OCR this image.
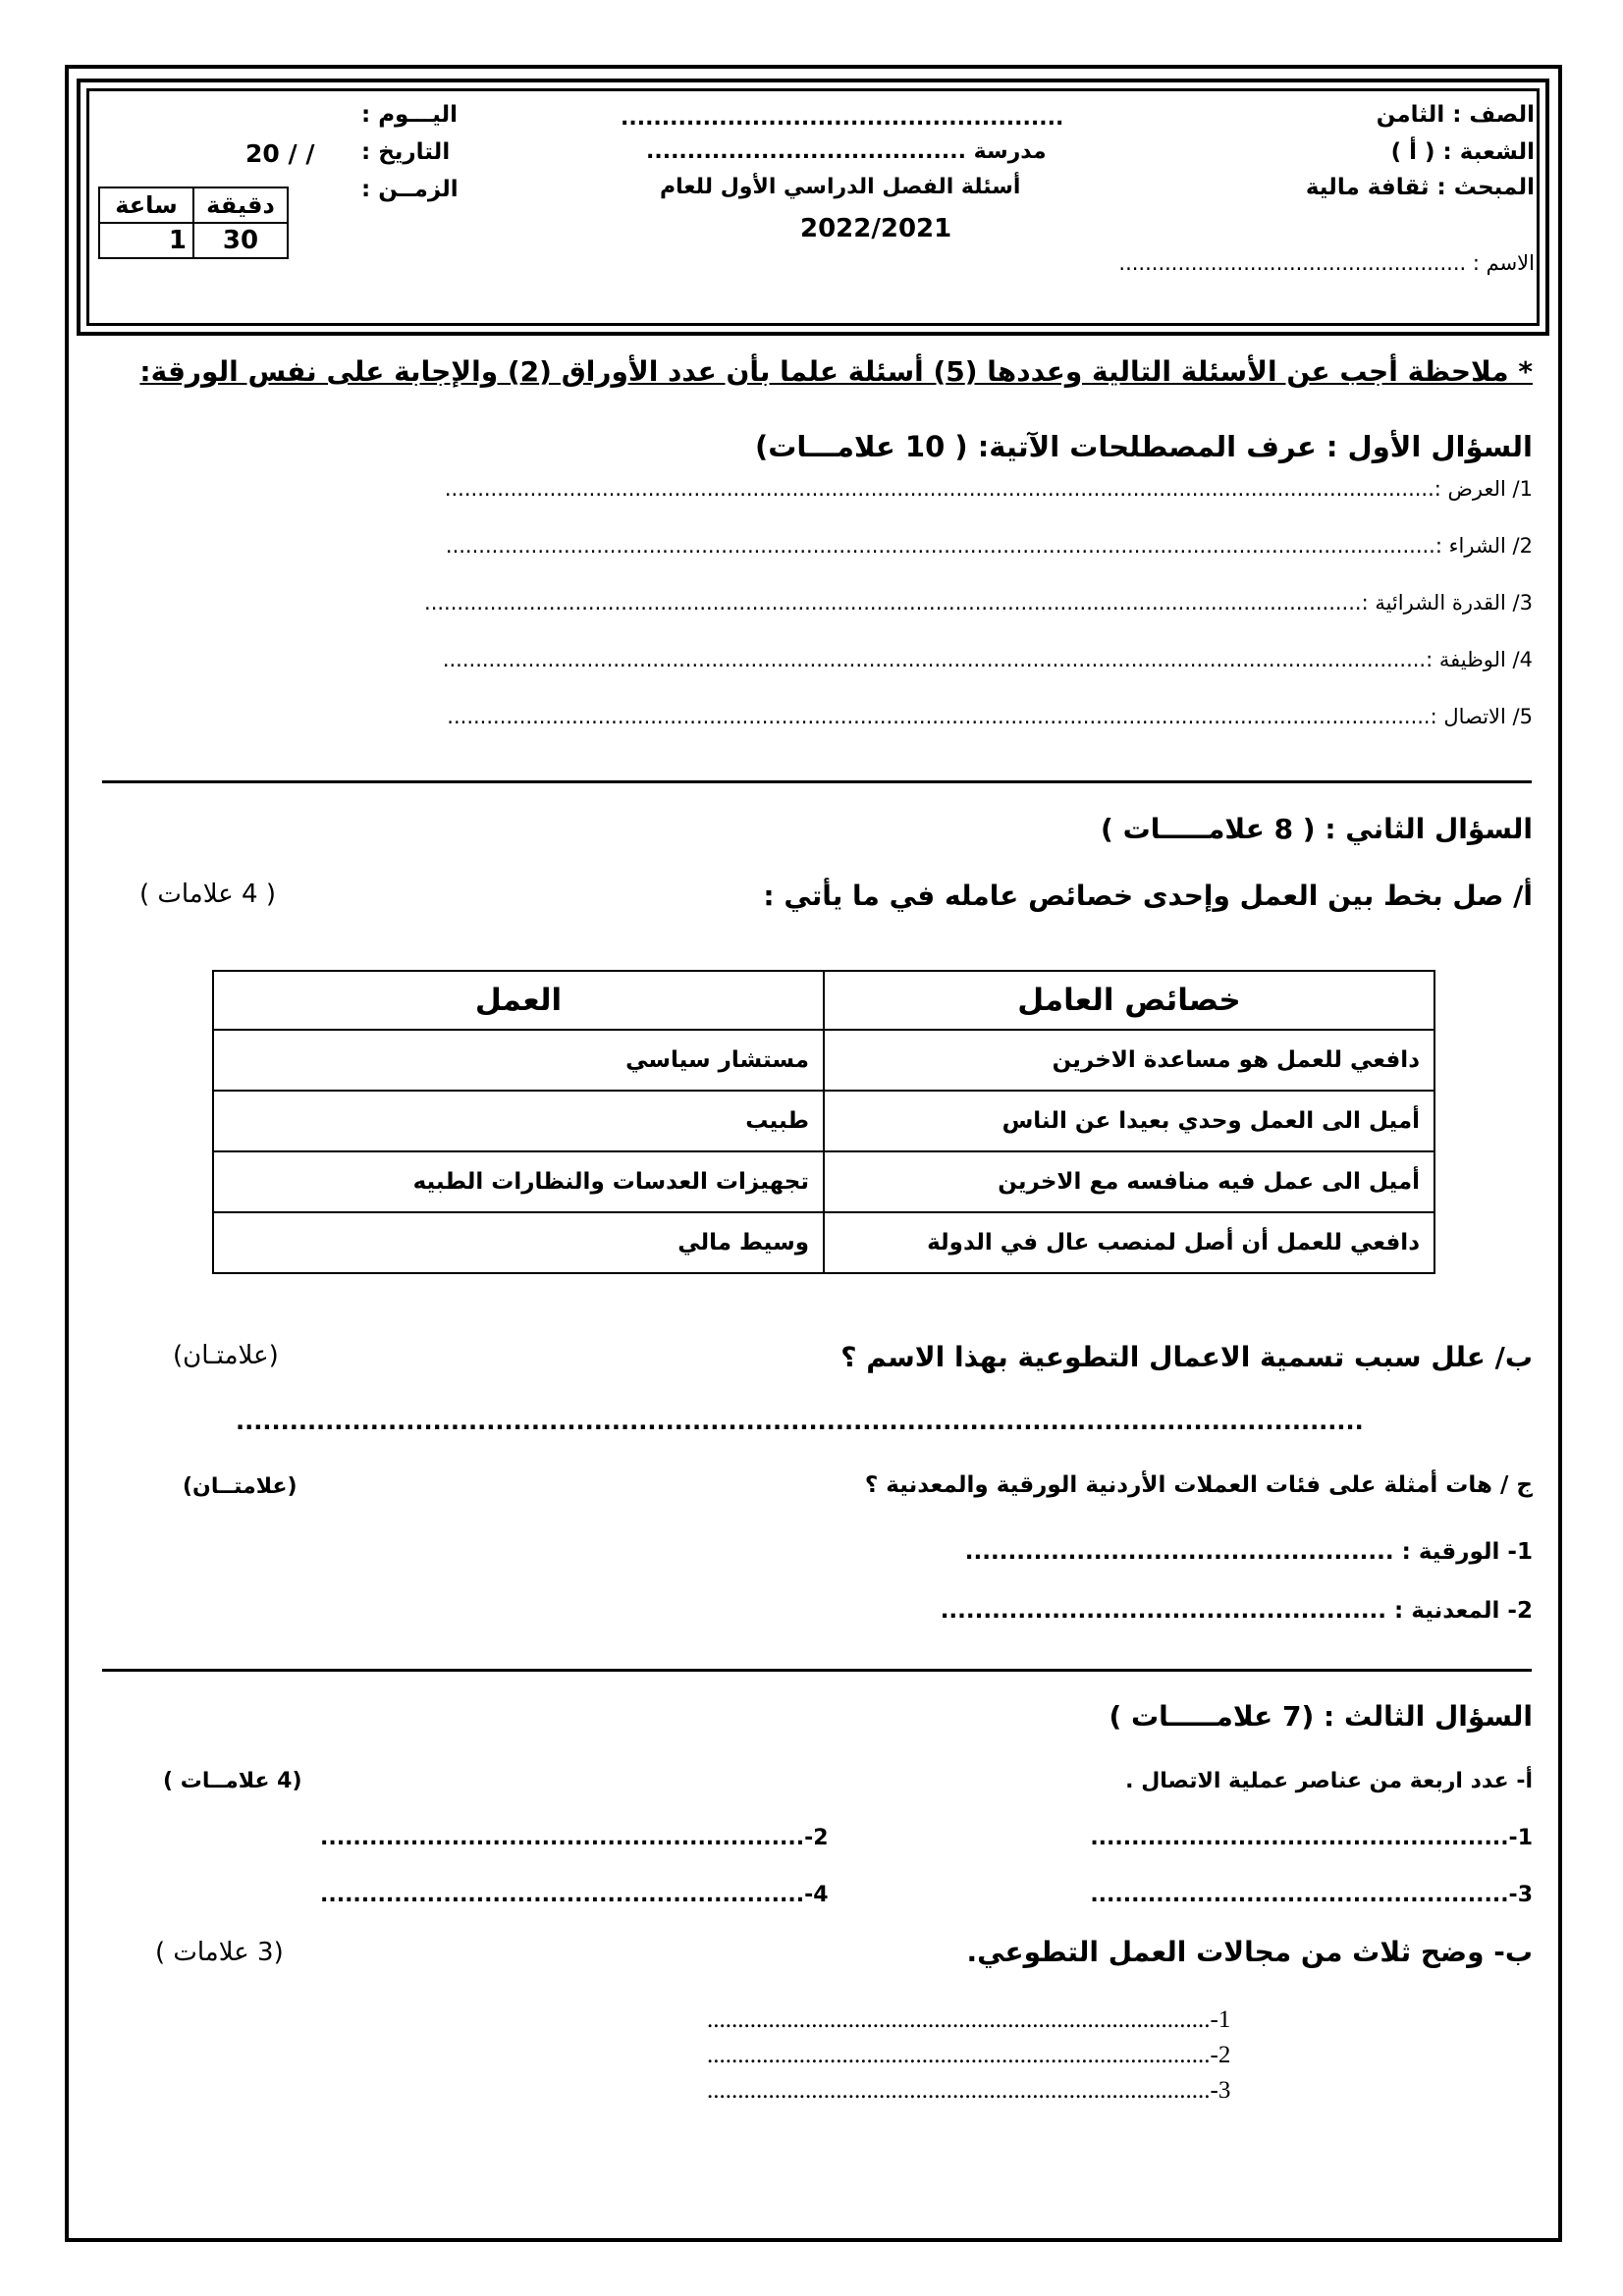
الصف : الثامن
الشعبة : ( أ )
المبحث : ثقافة مالية
الاسم : .....................................................
......................................................
مدرسة .......................................
أسئلة الفصل الدراسي الأول للعام
2022/2021
اليـــوم :
التاريخ :
/ / 20
الزمــن :
ساعة	دقيقة
1	30
* ملاحظة أجب عن الأسئلة التالية وعددها (5) أسئلة علما بأن عدد الأوراق (2) والإجابة على نفس الورقة:
السؤال الأول : عرف المصطلحات الآتية: ( 10 علامـــات)
1/ العرض :.......................................................................................................................................................
2/ الشراء :.......................................................................................................................................................
3/ القدرة الشرائية :...............................................................................................................................................
4/ الوظيفة :......................................................................................................................................................
5/ الاتصال :......................................................................................................................................................
السؤال الثاني : ( 8 علامـــــات )
أ/ صل بخط بين العمل وإحدى خصائص عامله في ما يأتي :
( 4 علامات )
خصائص العامل	العمل
دافعي للعمل هو مساعدة الاخرين	مستشار سياسي
أميل الى العمل وحدي بعيدا عن الناس	طبيب
أميل الى عمل فيه منافسه مع الاخرين	تجهيزات العدسات والنظارات الطبيه
دافعي للعمل أن أصل لمنصب عال في الدولة	وسيط مالي
ب/ علل سبب تسمية الاعمال التطوعية بهذا الاسم ؟
(علامتـان)
..............................................................................................................................
ج / هات أمثلة على فئات العملات الأردنية الورقية والمعدنية ؟
(علامتــان)
1- الورقية : ..................................................
2- المعدنية : ....................................................
السؤال الثالث : (7 علامـــــات )
أ- عدد اربعة من عناصر عملية الاتصال .
(4 علامــات )
1-...................................................
2-...........................................................
3-...................................................
4-...........................................................
ب- وضح ثلاث من مجالات العمل التطوعي.
(3 علامات )
1-..................................................................................
2-..................................................................................
3-..................................................................................
